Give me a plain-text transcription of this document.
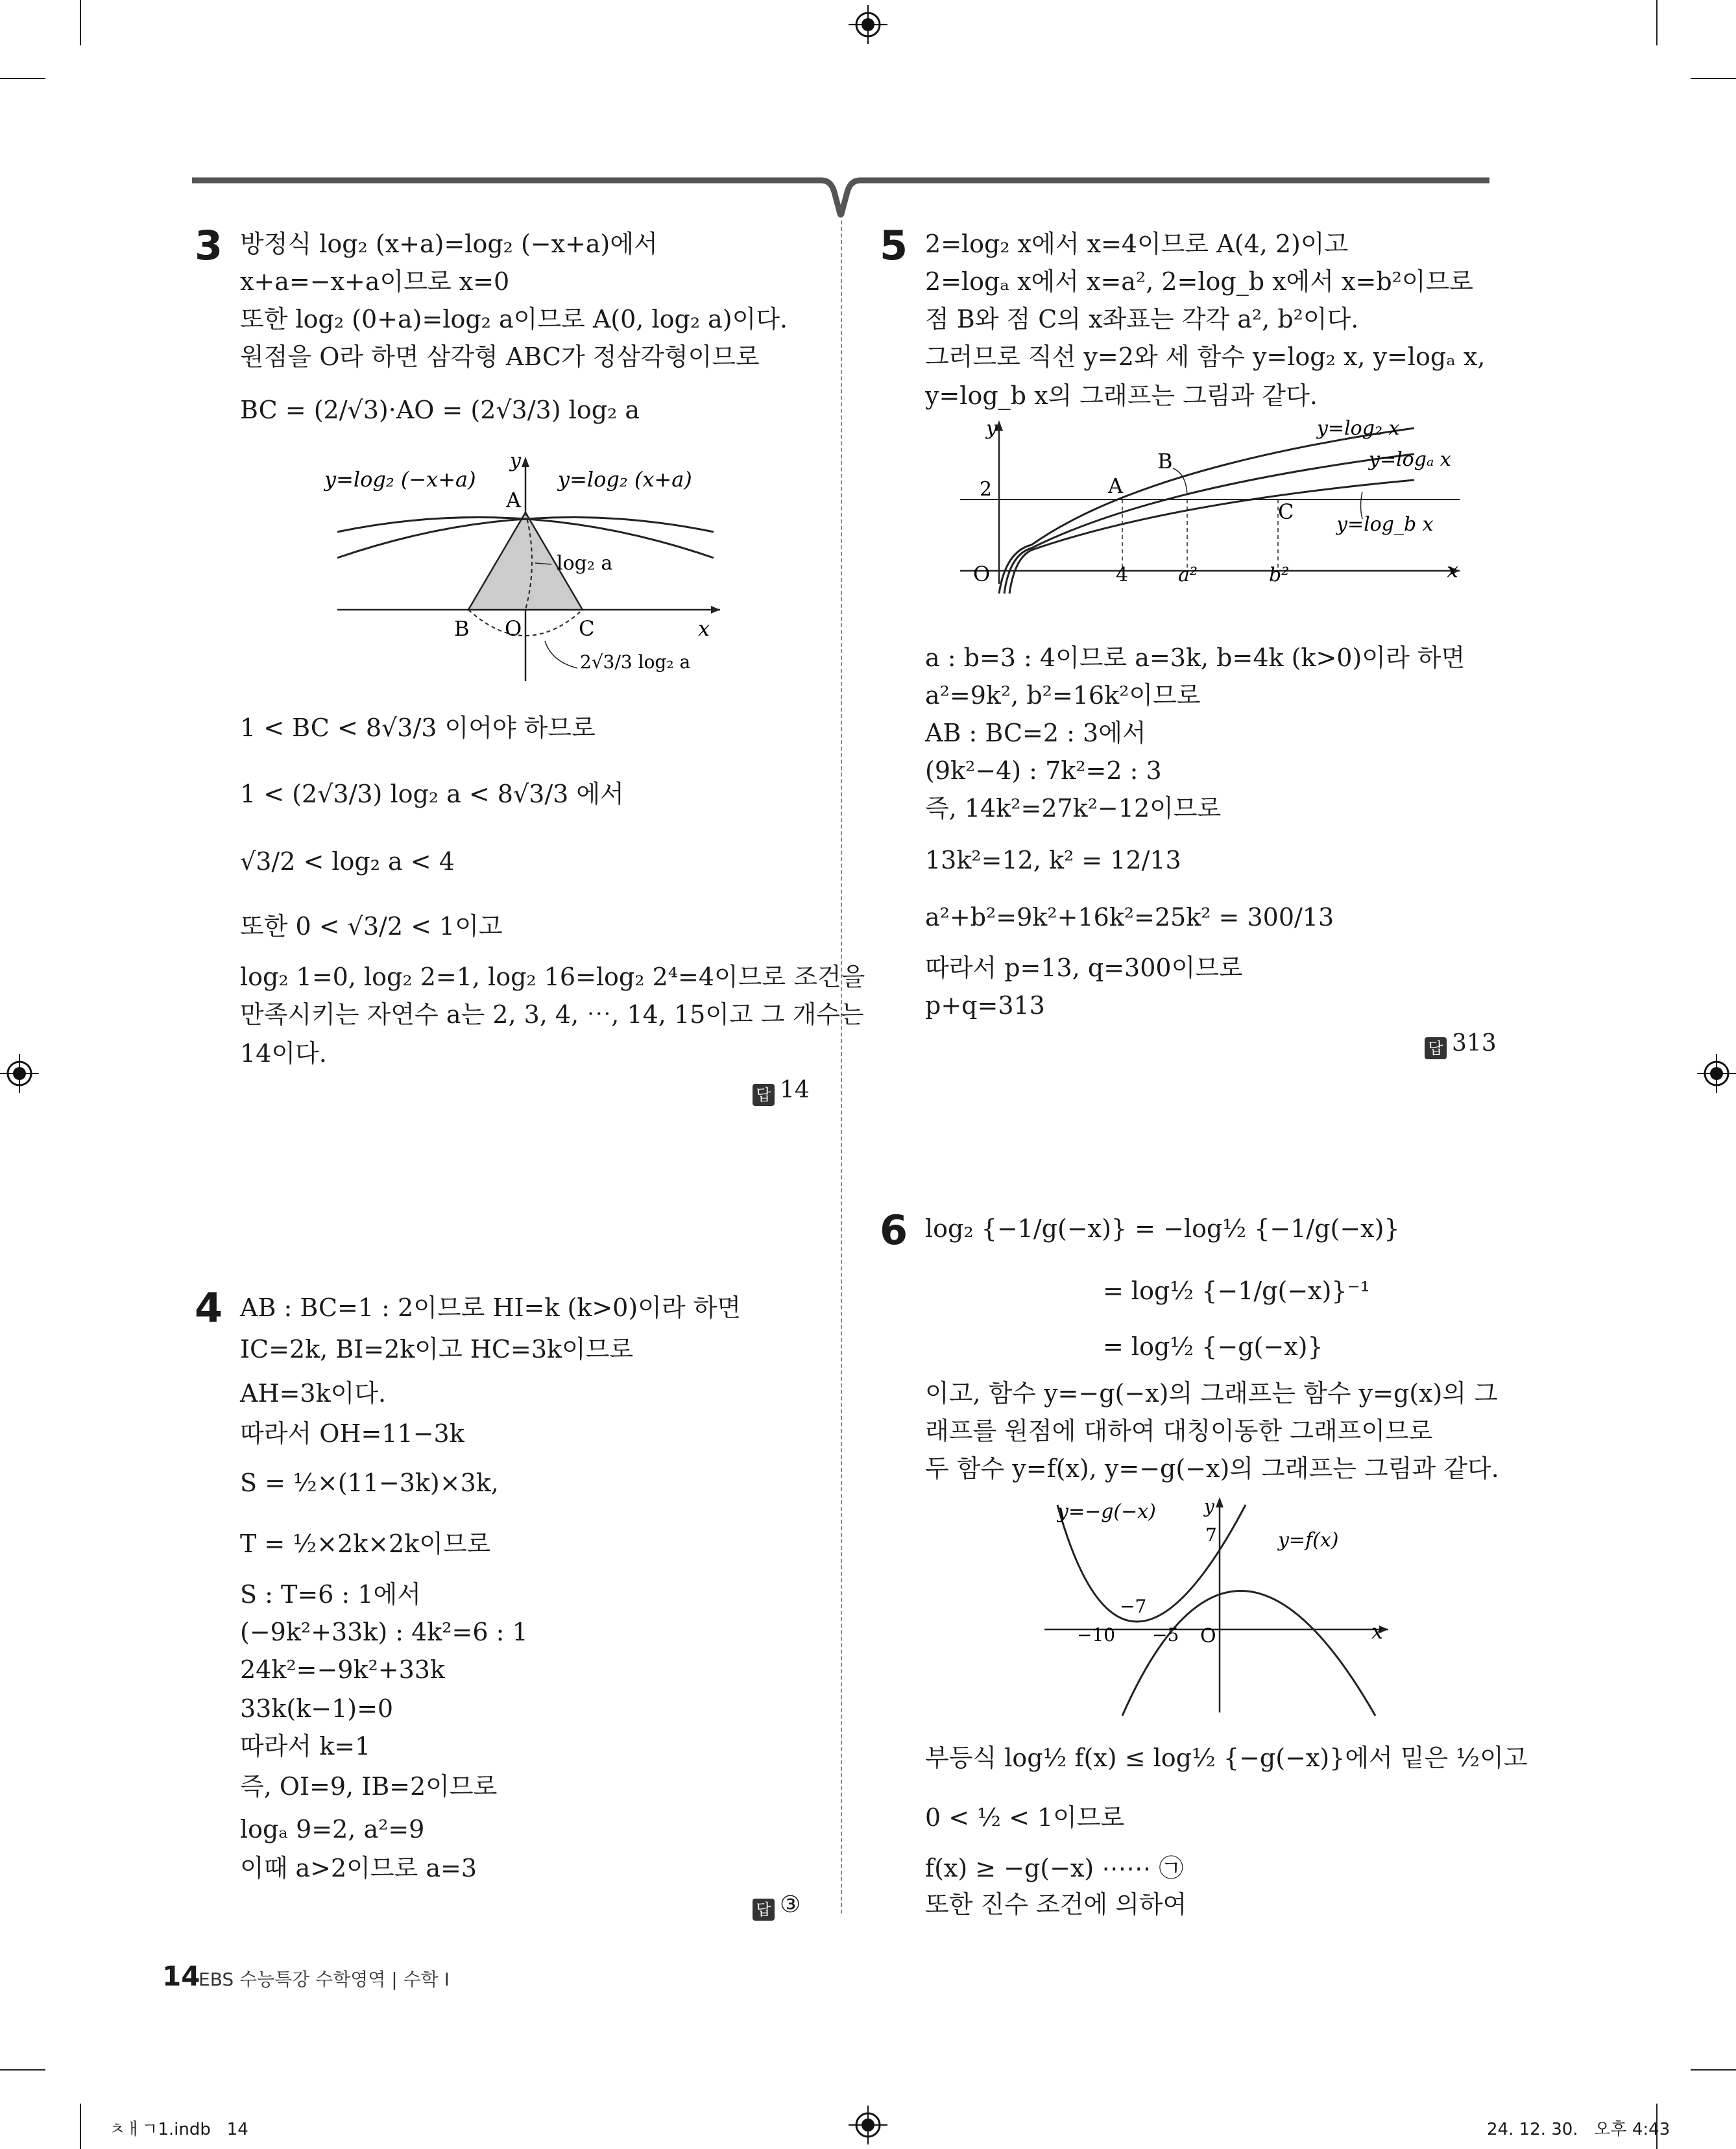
3 방정식 log₂ (x+a)=log₂ (−x+a)에서
x+a=−x+a이므로 x=0
또한 log₂ (0+a)=log₂ a이므로 A(0, log₂ a)이다.
원점을 O라 하면 삼각형 ABC가 정삼각형이므로
BC = (2/√3)·AO = (2√3/3) log₂ a
y=log₂ (−x+a)	y=log₂ (x+a)
y
x
A
B O	C
log₂ a
2√3/3 log₂ a
1 < BC < 8√3/3 이어야 하므로
1 < (2√3/3) log₂ a < 8√3/3 에서
√3/2 < log₂ a < 4
또한 0 < √3/2 < 1이고
log₂ 1=0, log₂ 2=1, log₂ 16=log₂ 2⁴=4이므로 조건을
만족시키는 자연수 a는 2, 3, 4, ⋯, 14, 15이고 그 개수는
14이다.
답 14
4 AB : BC=1 : 2이므로 HI=k (k>0)이라 하면
IC=2k, BI=2k이고 HC=3k이므로
AH=3k이다.
따라서 OH=11−3k
S = ½×(11−3k)×3k,
T = ½×2k×2k이므로
S : T=6 : 1에서
(−9k²+33k) : 4k²=6 : 1
24k²=−9k²+33k
33k(k−1)=0
따라서 k=1
즉, OI=9, IB=2이므로
logₐ 9=2, a²=9
이때 a>2이므로 a=3
답 ③
5 2=log₂ x에서 x=4이므로 A(4, 2)이고
2=logₐ x에서 x=a², 2=log_b x에서 x=b²이므로
점 B와 점 C의 x좌표는 각각 a², b²이다.
그러므로 직선 y=2와 세 함수 y=log₂ x, y=logₐ x,
y=log_b x의 그래프는 그림과 같다.
y
x
2
O	4	a²	b²
A
B
C
y=log₂ x
y=logₐ x
y=log_b x
a : b=3 : 4이므로 a=3k, b=4k (k>0)이라 하면
a²=9k², b²=16k²이므로
AB : BC=2 : 3에서
(9k²−4) : 7k²=2 : 3
즉, 14k²=27k²−12이므로
13k²=12, k² = 12/13
a²+b²=9k²+16k²=25k² = 300/13
따라서 p=13, q=300이므로
p+q=313
답 313
6 log₂ {−1/g(−x)} = −log½ {−1/g(−x)}
= log½ {−1/g(−x)}⁻¹
= log½ {−g(−x)}
이고, 함수 y=−g(−x)의 그래프는 함수 y=g(x)의 그
래프를 원점에 대하여 대칭이동한 그래프이므로
두 함수 y=f(x), y=−g(−x)의 그래프는 그림과 같다.
y=−g(−x)
y=f(x)
y
x
7
−7
−10 −5 O
부등식 log½ f(x) ≤ log½ {−g(−x)}에서 밑은 ½이고
0 < ½ < 1이므로
f(x) ≥ −g(−x) ⋯⋯ ㉠
또한 진수 조건에 의하여
14
EBS 수능특강 수학영역 | 수학 I
ㅊㅐㄱ1.indb   14	24. 12. 30.   오후 4:43
